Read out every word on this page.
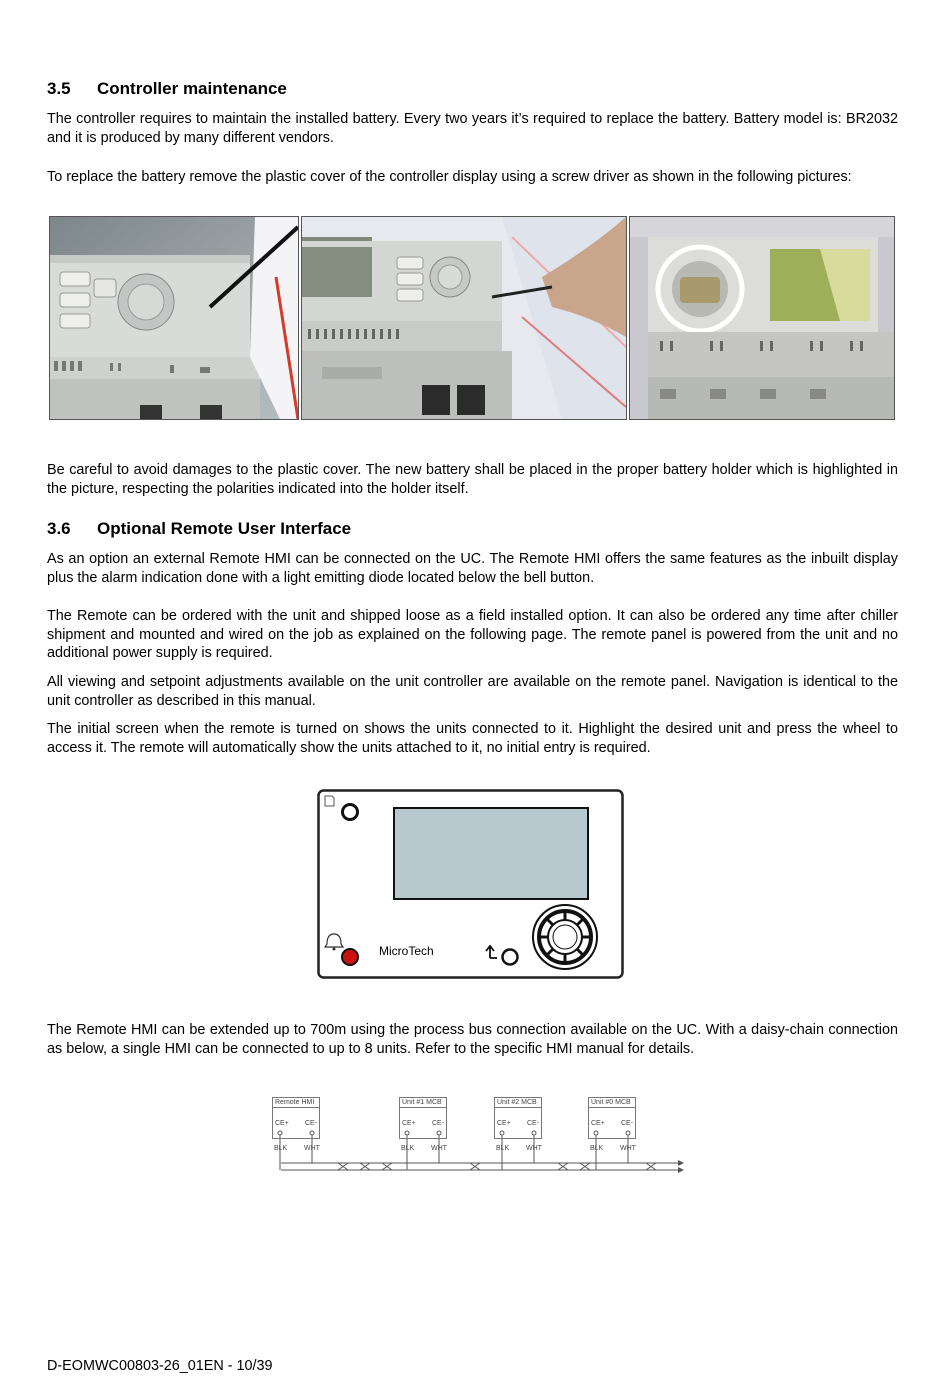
3.5 Controller maintenance

The controller requires to maintain the installed battery. Every two years it’s required to replace the battery. Battery model is: BR2032 and it is produced by many different vendors.

To replace the battery remove the plastic cover of the controller display using a screw driver as shown in the following pictures:

Be careful to avoid damages to the plastic cover. The new battery shall be placed in the proper battery holder which is highlighted in the picture, respecting the polarities indicated into the holder itself.

3.6 Optional Remote User Interface

As an option an external Remote HMI can be connected on the UC. The Remote HMI offers the same features as the inbuilt display plus the alarm indication done with a light emitting diode located below the bell button.

The Remote can be ordered with the unit and shipped loose as a field installed option. It can also be ordered any time after chiller shipment and mounted and wired on the job as explained on the following page. The remote panel is powered from the unit and no additional power supply is required.

All viewing and setpoint adjustments available on the unit controller are available on the remote panel. Navigation is identical to the unit controller as described in this manual.

The initial screen when the remote is turned on shows the units connected to it. Highlight the desired unit and press the wheel to access it. The remote will automatically show the units attached to it, no initial entry is required.

MicroTech

The Remote HMI can be extended up to 700m using the process bus connection available on the UC. With a daisy-chain connection as below, a single HMI can be connected to up to 8 units. Refer to the specific HMI manual for details.

Remote HMI
CE+ CE-
BLK WHT
Unit #1 MCB
CE+ CE-
BLK WHT
Unit #2 MCB
CE+ CE-
BLK WHT
Unit #0 MCB
CE+ CE-
BLK WHT
D-EOMWC00803-26_01EN - 10/39
